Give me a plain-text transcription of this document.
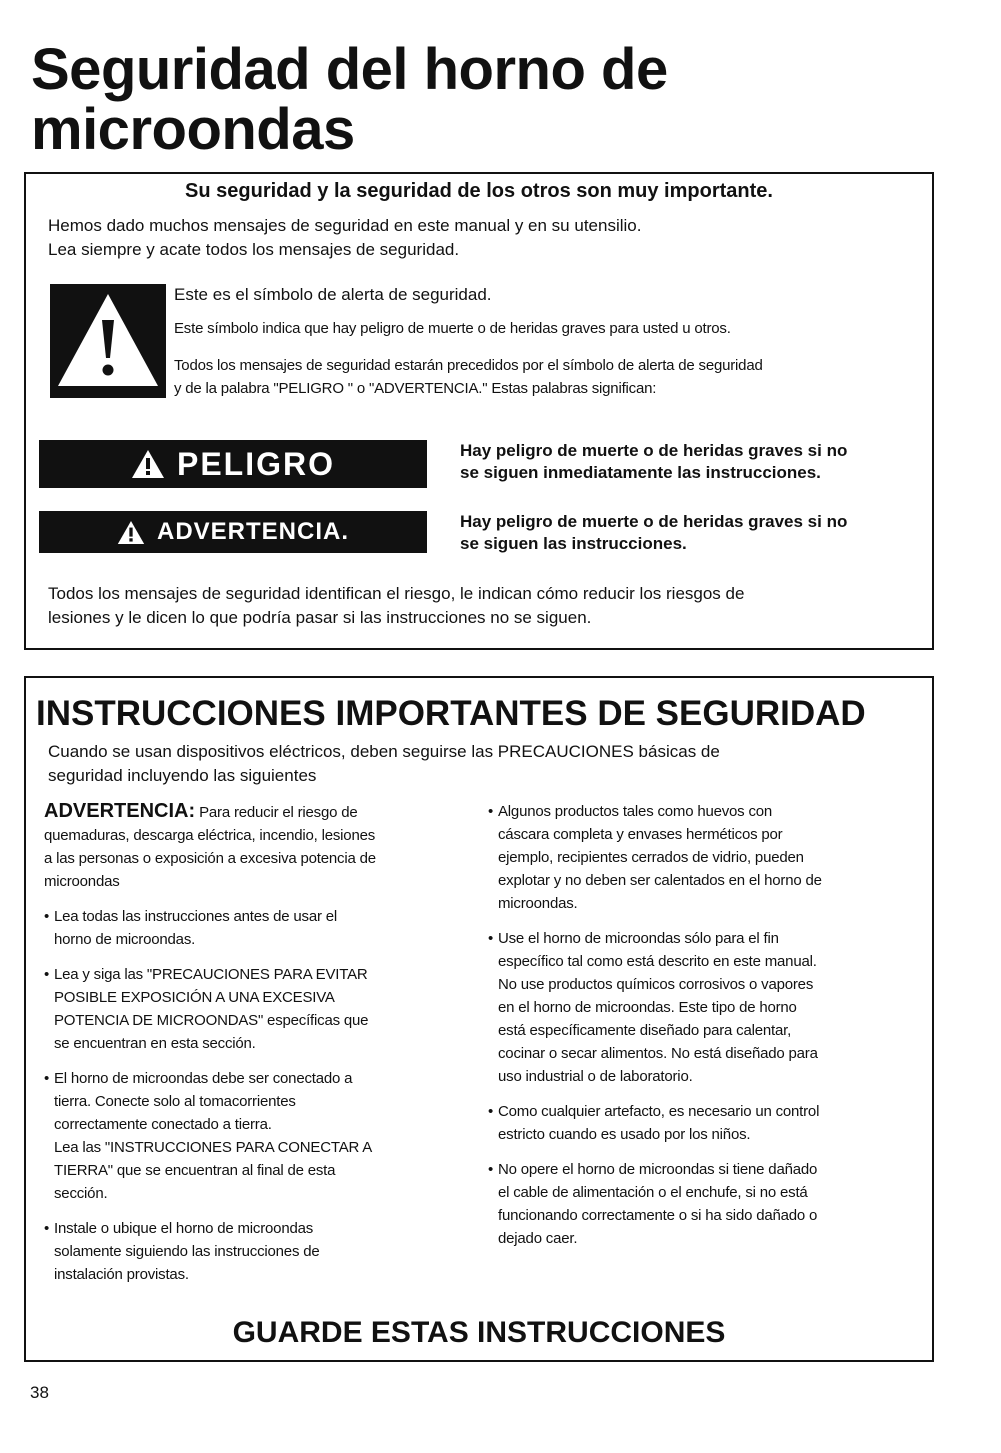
Seguridad del horno de
microondas
Su seguridad y la seguridad de los otros son muy importante.
Hemos dado muchos mensajes de seguridad en este manual y en su utensilio.
Lea siempre y acate todos los mensajes de seguridad.
Este es el símbolo de alerta de seguridad.
Este símbolo indica que hay peligro de muerte o de heridas graves para usted u otros.
Todos los mensajes de seguridad estarán precedidos por el símbolo de alerta de seguridad
y de la palabra "PELIGRO " o "ADVERTENCIA." Estas palabras significan:
PELIGRO	Hay peligro de muerte o de heridas graves si no
se siguen inmediatamente las instrucciones.
ADVERTENCIA.	Hay peligro de muerte o de heridas graves si no
se siguen las instrucciones.
Todos los mensajes de seguridad identifican el riesgo, le indican cómo reducir los riesgos de
lesiones y le dicen lo que podría pasar si las instrucciones no se siguen.
INSTRUCCIONES IMPORTANTES DE SEGURIDAD
Cuando se usan dispositivos eléctricos, deben seguirse las PRECAUCIONES básicas de
seguridad incluyendo las siguientes
ADVERTENCIA: Para reducir el riesgo de
quemaduras, descarga eléctrica, incendio, lesiones
a las personas o exposición a excesiva potencia de
microondas
• Lea todas las instrucciones antes de usar el
horno de microondas.
• Lea y siga las "PRECAUCIONES PARA EVITAR
POSIBLE EXPOSICIÓN A UNA EXCESIVA
POTENCIA DE MICROONDAS" específicas que
se encuentran en esta sección.
• El horno de microondas debe ser conectado a
tierra. Conecte solo al tomacorrientes
correctamente conectado a tierra.
Lea las "INSTRUCCIONES PARA CONECTAR A
TIERRA" que se encuentran al final de esta
sección.
• Instale o ubique el horno de microondas
solamente siguiendo las instrucciones de
instalación provistas.
• Algunos productos tales como huevos con
cáscara completa y envases herméticos por
ejemplo, recipientes cerrados de vidrio, pueden
explotar y no deben ser calentados en el horno de
microondas.
• Use el horno de microondas sólo para el fin
específico tal como está descrito en este manual.
No use productos químicos corrosivos o vapores
en el horno de microondas. Este tipo de horno
está específicamente diseñado para calentar,
cocinar o secar alimentos. No está diseñado para
uso industrial o de laboratorio.
• Como cualquier artefacto, es necesario un control
estricto cuando es usado por los niños.
• No opere el horno de microondas si tiene dañado
el cable de alimentación o el enchufe, si no está
funcionando correctamente o si ha sido dañado o
dejado caer.
GUARDE ESTAS INSTRUCCIONES
38
